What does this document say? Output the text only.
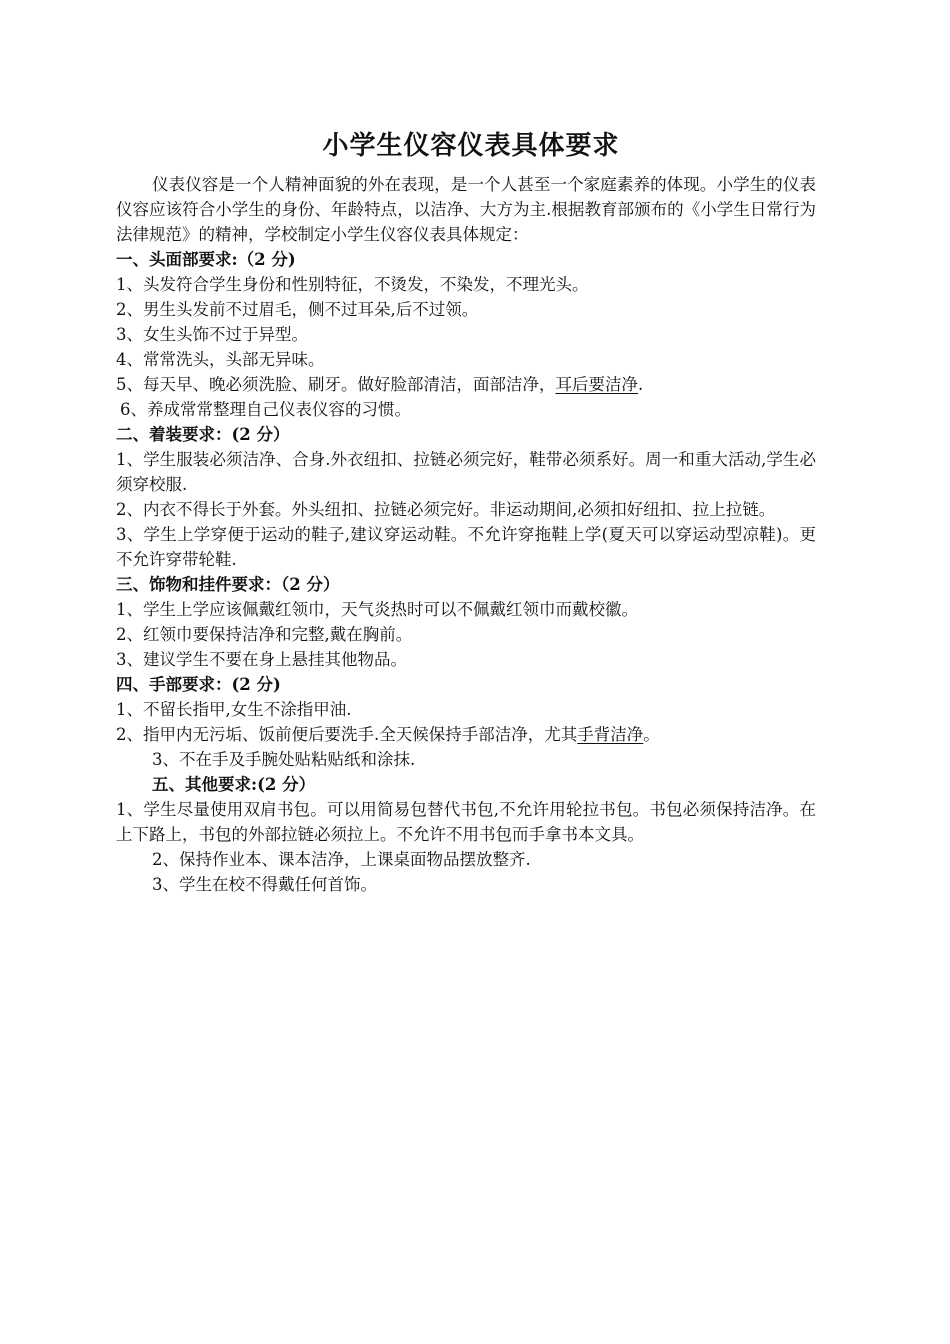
小学生仪容仪表具体要求

仪表仪容是一个人精神面貌的外在表现，是一个人甚至一个家庭素养的体现。小学生的仪表仪容应该符合小学生的身份、年龄特点，以洁净、大方为主.根据教育部颁布的《小学生日常行为法律规范》的精神，学校制定小学生仪容仪表具体规定：

一、头面部要求:（2 分)

1、头发符合学生身份和性别特征，不烫发，不染发，不理光头。

2、男生头发前不过眉毛，侧不过耳朵,后不过领。

3、女生头饰不过于异型。

4、常常洗头，头部无异味。

5、每天早、晚必须洗脸、刷牙。做好脸部清洁，面部洁净，耳后要洁净.

6、养成常常整理自己仪表仪容的习惯。

二、着装要求：(2 分）

1、学生服装必须洁净、合身.外衣纽扣、拉链必须完好，鞋带必须系好。周一和重大活动,学生必须穿校服.

2、内衣不得长于外套。外头纽扣、拉链必须完好。非运动期间,必须扣好纽扣、拉上拉链。

3、学生上学穿便于运动的鞋子,建议穿运动鞋。不允许穿拖鞋上学(夏天可以穿运动型凉鞋)。更不允许穿带轮鞋.

三、饰物和挂件要求：（2 分）

1、学生上学应该佩戴红领巾，天气炎热时可以不佩戴红领巾而戴校徽。

2、红领巾要保持洁净和完整,戴在胸前。

3、建议学生不要在身上悬挂其他物品。

四、手部要求：(2 分)

1、不留长指甲,女生不涂指甲油.

2、指甲内无污垢、饭前便后要洗手.全天候保持手部洁净，尤其手背洁净。

3、不在手及手腕处贴粘贴纸和涂抹.

五、其他要求:(2 分）

1、学生尽量使用双肩书包。可以用简易包替代书包,不允许用轮拉书包。书包必须保持洁净。在上下路上，书包的外部拉链必须拉上。不允许不用书包而手拿书本文具。

2、保持作业本、课本洁净，上课桌面物品摆放整齐.

3、学生在校不得戴任何首饰。
